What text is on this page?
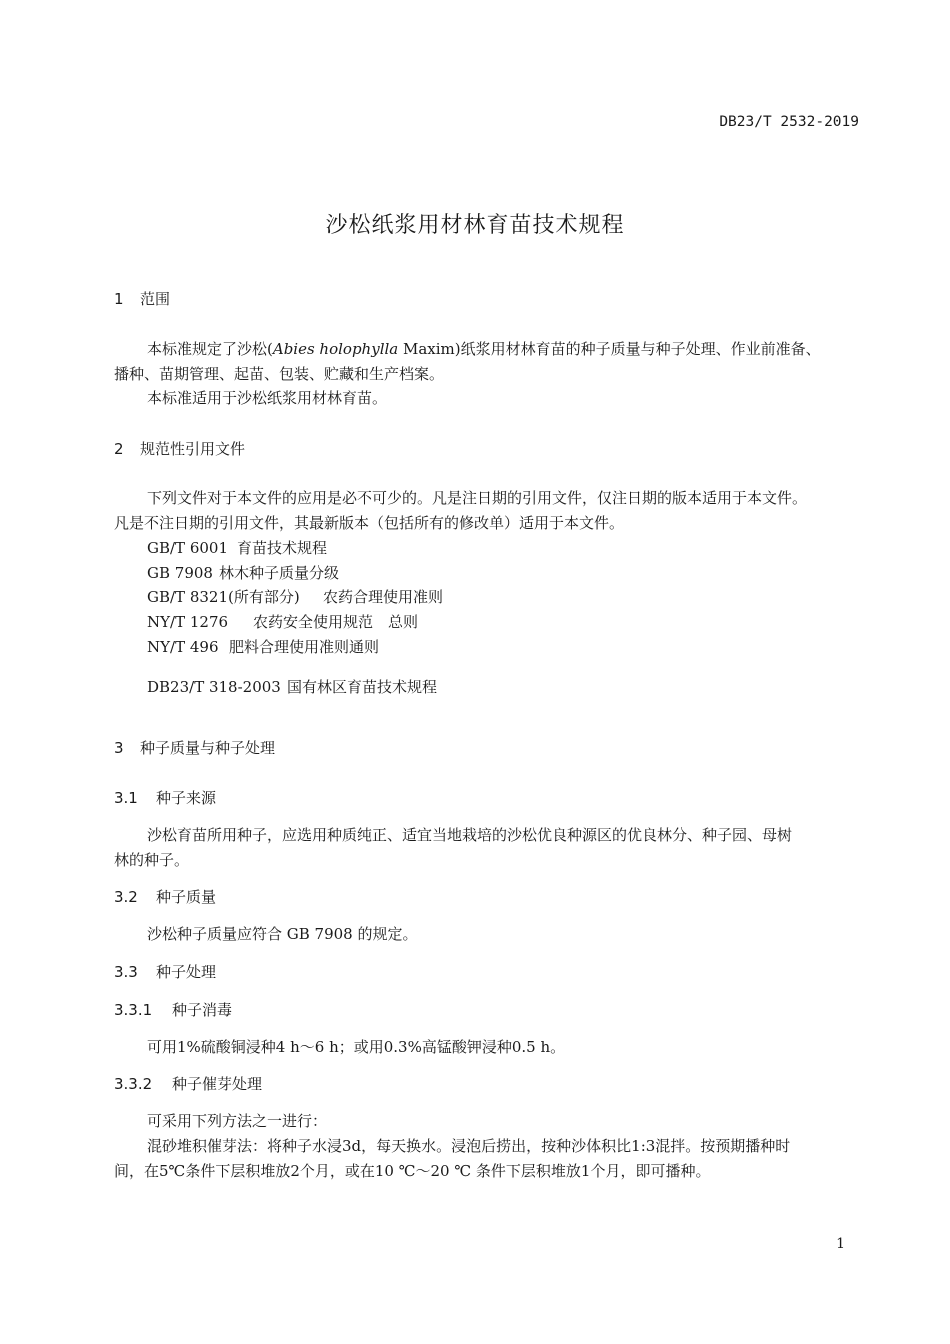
DB23/T 2532-2019
沙松纸浆用材林育苗技术规程
1 范围
本标准规定了沙松(Abies holophylla Maxim)纸浆用材林育苗的种子质量与种子处理、作业前准备、
播种、苗期管理、起苗、包装、贮藏和生产档案。
本标准适用于沙松纸浆用材林育苗。
2 规范性引用文件
下列文件对于本文件的应用是必不可少的。凡是注日期的引用文件，仅注日期的版本适用于本文件。
凡是不注日期的引用文件，其最新版本（包括所有的修改单）适用于本文件。
GB/T 6001 育苗技术规程
GB 7908 林木种子质量分级
GB/T 8321(所有部分) 农药合理使用准则
NY/T 1276 农药安全使用规范　总则
NY/T 496 肥料合理使用准则通则
DB23/T 318-2003 国有林区育苗技术规程
3 种子质量与种子处理
3.1 种子来源
沙松育苗所用种子，应选用种质纯正、适宜当地栽培的沙松优良种源区的优良林分、种子园、母树
林的种子。
3.2 种子质量
沙松种子质量应符合 GB 7908 的规定。
3.3 种子处理
3.3.1 种子消毒
可用1%硫酸铜浸种4 h～6 h；或用0.3%高锰酸钾浸种0.5 h。
3.3.2 种子催芽处理
可采用下列方法之一进行：
混砂堆积催芽法：将种子水浸3d，每天换水。浸泡后捞出，按种沙体积比1:3混拌。按预期播种时
间，在5℃条件下层积堆放2个月，或在10 ℃～20 ℃ 条件下层积堆放1个月，即可播种。
1
